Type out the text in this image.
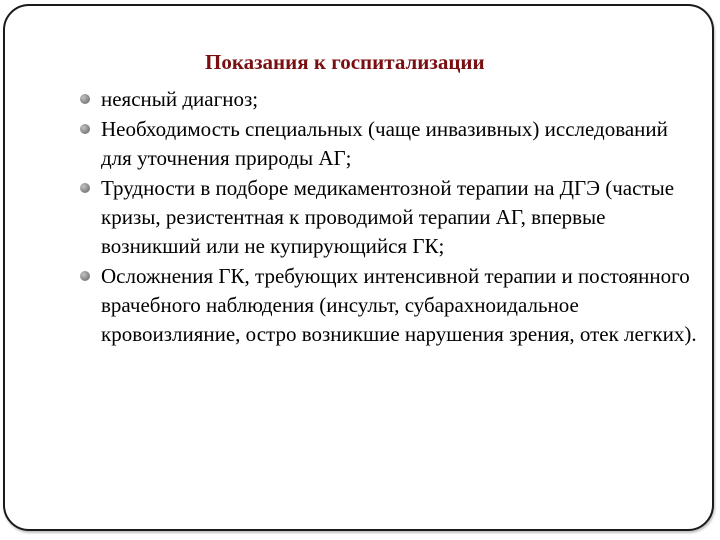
Показания к госпитализации
неясный диагноз;
Необходимость специальных (чаще инвазивных) исследований для уточнения природы АГ;
Трудности в подборе медикаментозной терапии на ДГЭ (частые кризы, резистентная к проводимой терапии АГ, впервые возникший или не купирующийся ГК;
Осложнения ГК, требующих интенсивной терапии и постоянного врачебного наблюдения (инсульт, субарахноидальное кровоизлияние, остро возникшие нарушения зрения, отек легких).
